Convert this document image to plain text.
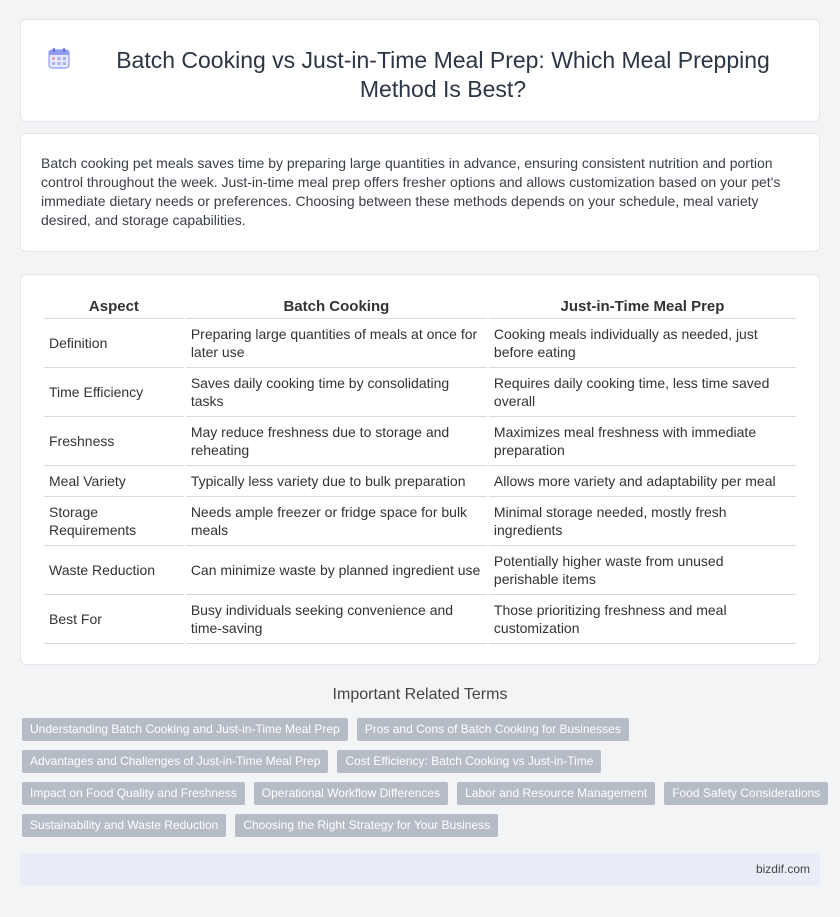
Batch Cooking vs Just-in-Time Meal Prep: Which Meal Prepping Method Is Best?

Batch cooking pet meals saves time by preparing large quantities in advance, ensuring consistent nutrition and portion control throughout the week. Just-in-time meal prep offers fresher options and allows customization based on your pet's immediate dietary needs or preferences. Choosing between these methods depends on your schedule, meal variety desired, and storage capabilities.

Aspect	Batch Cooking	Just-in-Time Meal Prep
Definition	Preparing large quantities of meals at once for later use	Cooking meals individually as needed, just before eating
Time Efficiency	Saves daily cooking time by consolidating tasks	Requires daily cooking time, less time saved overall
Freshness	May reduce freshness due to storage and reheating	Maximizes meal freshness with immediate preparation
Meal Variety	Typically less variety due to bulk preparation	Allows more variety and adaptability per meal
Storage Requirements	Needs ample freezer or fridge space for bulk meals	Minimal storage needed, mostly fresh ingredients
Waste Reduction	Can minimize waste by planned ingredient use	Potentially higher waste from unused perishable items
Best For	Busy individuals seeking convenience and time-saving	Those prioritizing freshness and meal customization
Important Related Terms
Understanding Batch Cooking and Just-in-Time Meal Prep	Pros and Cons of Batch Cooking for Businesses
Advantages and Challenges of Just-in-Time Meal Prep	Cost Efficiency: Batch Cooking vs Just-in-Time
Impact on Food Quality and Freshness	Operational Workflow Differences	Labor and Resource Management	Food Safety Considerations
Sustainability and Waste Reduction	Choosing the Right Strategy for Your Business
bizdif.com
